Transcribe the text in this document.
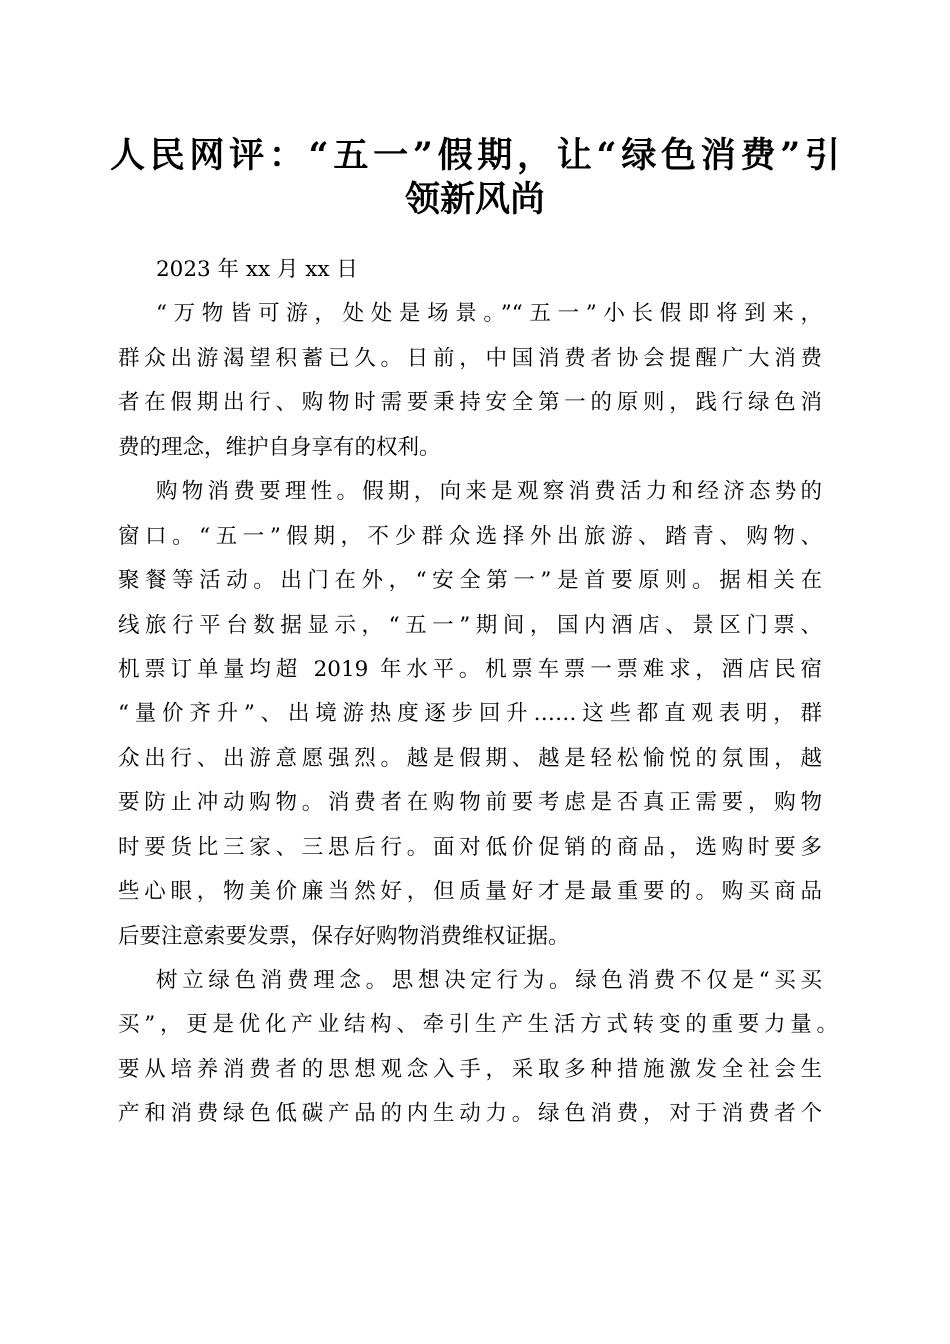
人民网评：“五一”假期，让“绿色消费”引
领新风尚
2023 年 xx 月 xx 日
“万物皆可游，处处是场景。”“五一”小长假即将到来，
群众出游渴望积蓄已久。日前，中国消费者协会提醒广大消费
者在假期出行、购物时需要秉持安全第一的原则，践行绿色消
费的理念，维护自身享有的权利。
购物消费要理性。假期，向来是观察消费活力和经济态势的
窗口。“五一”假期，不少群众选择外出旅游、踏青、购物、
聚餐等活动。出门在外，“安全第一”是首要原则。据相关在
线旅行平台数据显示，“五一”期间，国内酒店、景区门票、
机票订单量均超 2019 年水平。机票车票一票难求，酒店民宿
“量价齐升”、出境游热度逐步回升……这些都直观表明，群
众出行、出游意愿强烈。越是假期、越是轻松愉悦的氛围，越
要防止冲动购物。消费者在购物前要考虑是否真正需要，购物
时要货比三家、三思后行。面对低价促销的商品，选购时要多
些心眼，物美价廉当然好，但质量好才是最重要的。购买商品
后要注意索要发票，保存好购物消费维权证据。
树立绿色消费理念。思想决定行为。绿色消费不仅是“买买
买”，更是优化产业结构、牵引生产生活方式转变的重要力量。
要从培养消费者的思想观念入手，采取多种措施激发全社会生
产和消费绿色低碳产品的内生动力。绿色消费，对于消费者个
